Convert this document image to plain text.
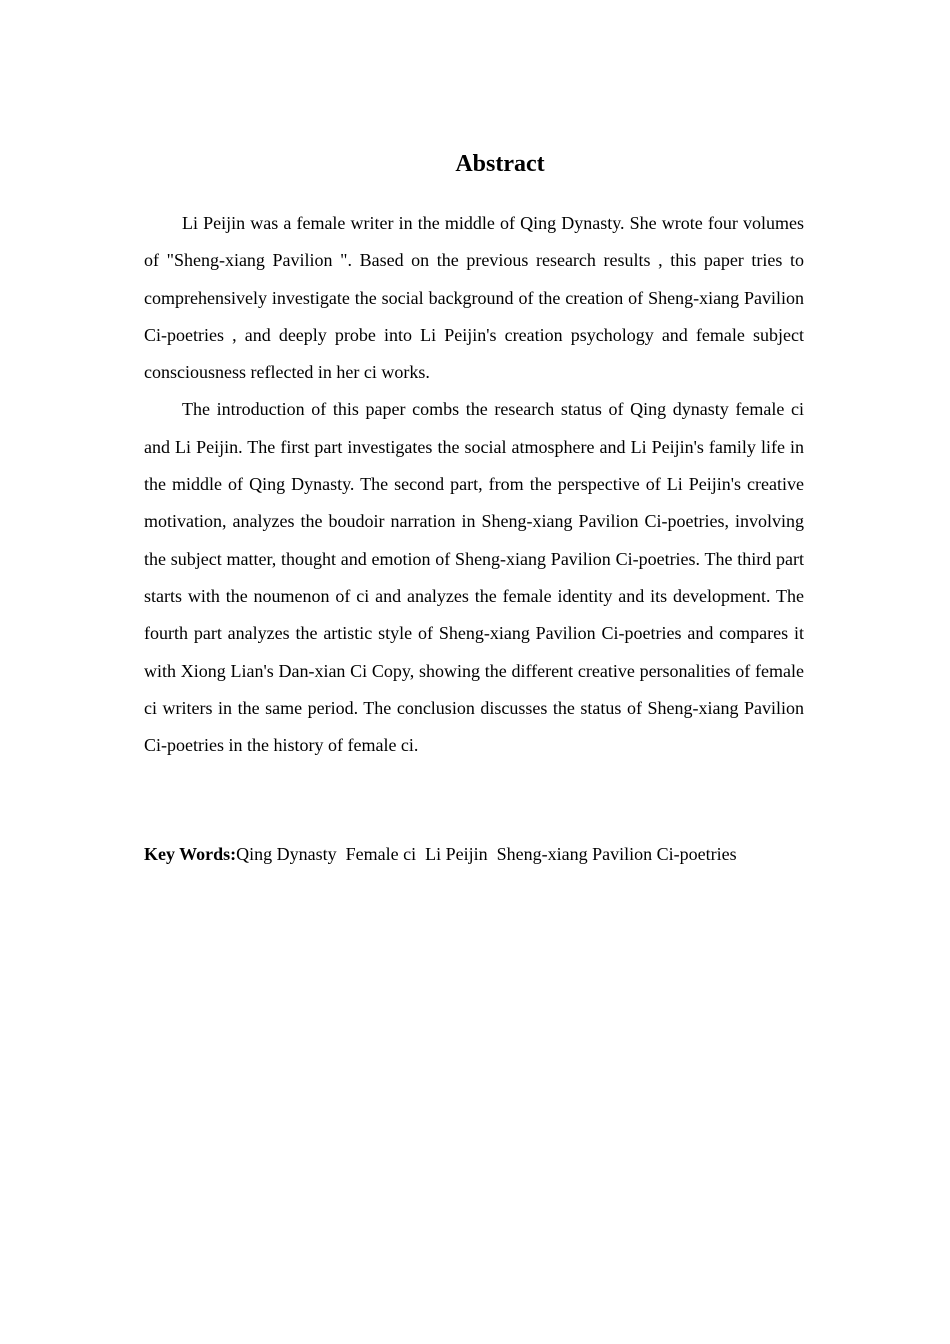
Abstract

Li Peijin was a female writer in the middle of Qing Dynasty. She wrote four volumes of "Sheng-xiang Pavilion ". Based on the previous research results , this paper tries to comprehensively investigate the social background of the creation of Sheng-xiang Pavilion Ci-poetries , and deeply probe into Li Peijin's creation psychology and female subject consciousness reflected in her ci works.

The introduction of this paper combs the research status of Qing dynasty female ci and Li Peijin. The first part investigates the social atmosphere and Li Peijin's family life in the middle of Qing Dynasty. The second part, from the perspective of Li Peijin's creative motivation, analyzes the boudoir narration in Sheng-xiang Pavilion Ci-poetries, involving the subject matter, thought and emotion of Sheng-xiang Pavilion Ci-poetries. The third part starts with the noumenon of ci and analyzes the female identity and its development. The fourth part analyzes the artistic style of Sheng-xiang Pavilion Ci-poetries and compares it with Xiong Lian's Dan-xian Ci Copy, showing the different creative personalities of female ci writers in the same period. The conclusion discusses the status of Sheng-xiang Pavilion Ci-poetries in the history of female ci.

Key Words:Qing Dynasty  Female ci  Li Peijin  Sheng-xiang Pavilion Ci-poetries
